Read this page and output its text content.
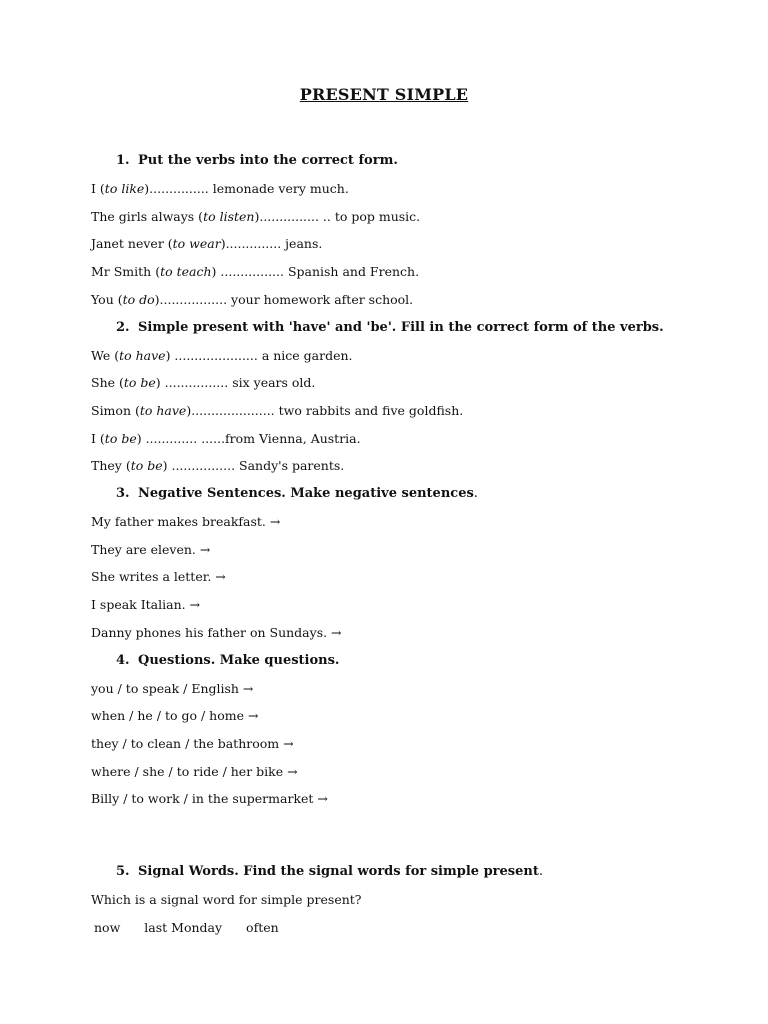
PRESENT SIMPLE
1. Put the verbs into the correct form.
I (to like)............... lemonade very much.
The girls always (to listen)............... .. to pop music.
Janet never (to wear).............. jeans.
Mr Smith (to teach) ................ Spanish and French.
You (to do)................. your homework after school.
2. Simple present with 'have' and 'be'. Fill in the correct form of the verbs.
We (to have) ..................... a nice garden.
She (to be) ................ six years old.
Simon (to have)..................... two rabbits and five goldfish.
I (to be) ............. ......from Vienna, Austria.
They (to be) ................ Sandy's parents.
3. Negative Sentences. Make negative sentences.
My father makes breakfast. →
They are eleven. →
She writes a letter. →
I speak Italian. →
Danny phones his father on Sundays. →
4. Questions. Make questions.
you / to speak / English →
when / he / to go / home →
they / to clean / the bathroom →
where / she / to ride / her bike →
Billy / to work / in the supermarket →
5. Signal Words. Find the signal words for simple present.
Which is a signal word for simple present?
now last Monday often
